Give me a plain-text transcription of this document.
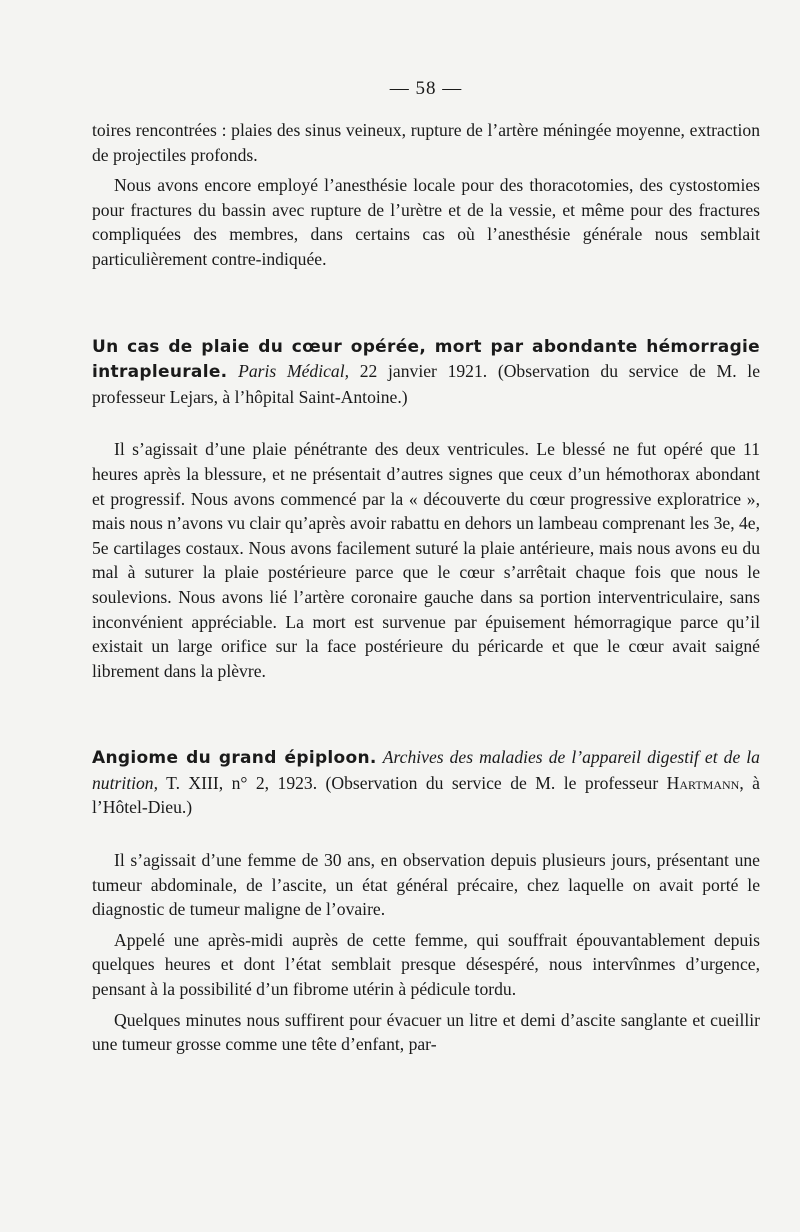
— 58 —

toires rencontrées : plaies des sinus veineux, rupture de l’artère méningée moyenne, extraction de projectiles profonds.

Nous avons encore employé l’anesthésie locale pour des thoracotomies, des cystostomies pour fractures du bassin avec rupture de l’urètre et de la vessie, et même pour des fractures compliquées des membres, dans certains cas où l’anesthésie générale nous semblait particulièrement contre-indiquée.

Un cas de plaie du cœur opérée, mort par abondante hémorragie intrapleurale. Paris Médical, 22 janvier 1921. (Observation du service de M. le professeur Lejars, à l’hôpital Saint-Antoine.)

Il s’agissait d’une plaie pénétrante des deux ventricules. Le blessé ne fut opéré que 11 heures après la blessure, et ne présentait d’autres signes que ceux d’un hémothorax abondant et progressif. Nous avons commencé par la « découverte du cœur progressive exploratrice », mais nous n’avons vu clair qu’après avoir rabattu en dehors un lambeau comprenant les 3e, 4e, 5e cartilages costaux. Nous avons facilement suturé la plaie antérieure, mais nous avons eu du mal à suturer la plaie postérieure parce que le cœur s’arrêtait chaque fois que nous le soulevions. Nous avons lié l’artère coronaire gauche dans sa portion interventriculaire, sans inconvénient appréciable. La mort est survenue par épuisement hémorragique parce qu’il existait un large orifice sur la face postérieure du péricarde et que le cœur avait saigné librement dans la plèvre.

Angiome du grand épiploon. Archives des maladies de l’appareil digestif et de la nutrition, T. XIII, n° 2, 1923. (Observation du service de M. le professeur Hartmann, à l’Hôtel-Dieu.)

Il s’agissait d’une femme de 30 ans, en observation depuis plusieurs jours, présentant une tumeur abdominale, de l’ascite, un état général précaire, chez laquelle on avait porté le diagnostic de tumeur maligne de l’ovaire.

Appelé une après-midi auprès de cette femme, qui souffrait épouvantablement depuis quelques heures et dont l’état semblait presque désespéré, nous intervînmes d’urgence, pensant à la possibilité d’un fibrome utérin à pédicule tordu.

Quelques minutes nous suffirent pour évacuer un litre et demi d’ascite sanglante et cueillir une tumeur grosse comme une tête d’enfant, par-
